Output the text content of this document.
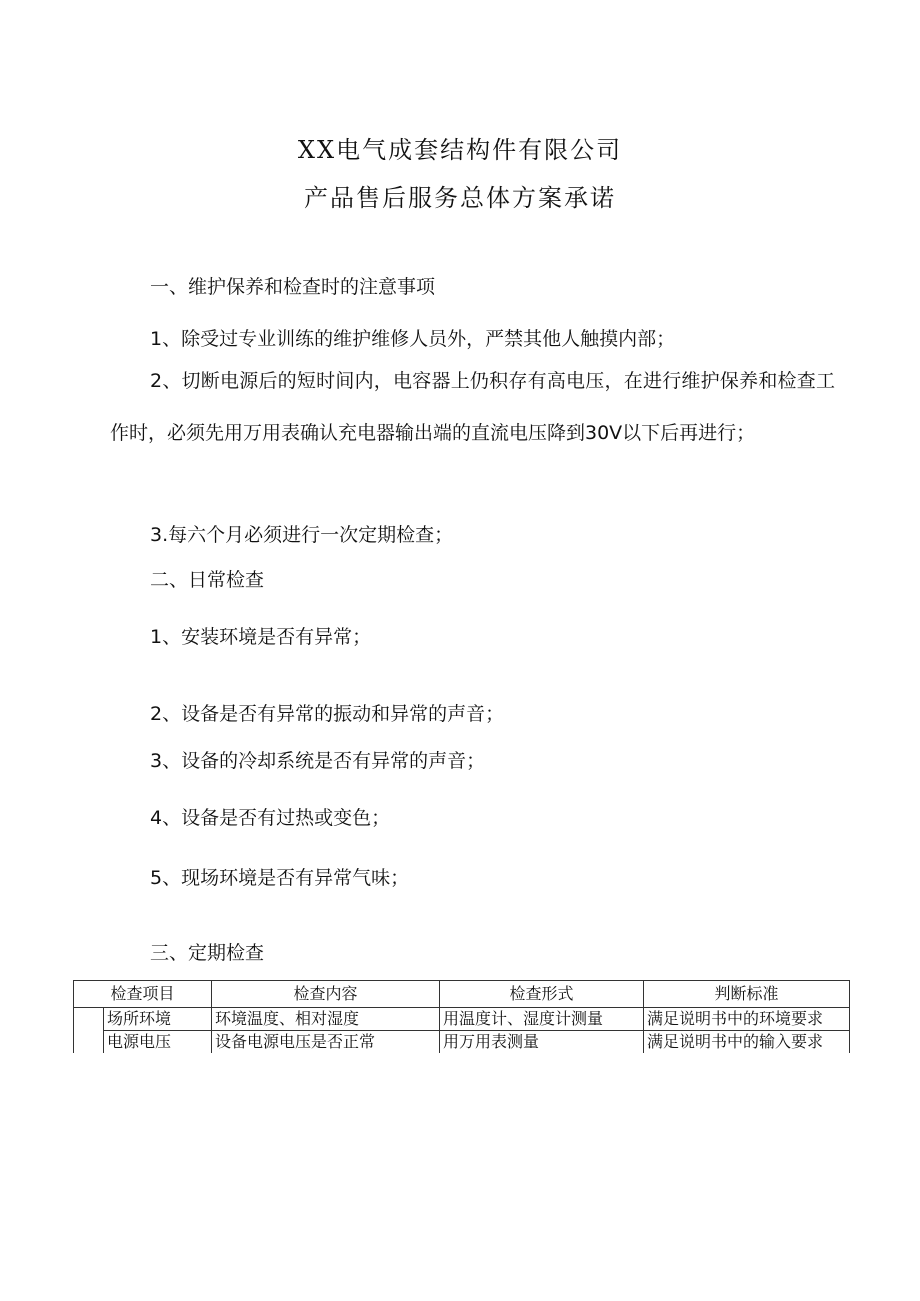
XX电气成套结构件有限公司
产品售后服务总体方案承诺
一、维护保养和检查时的注意事项
1、除受过专业训练的维护维修人员外，严禁其他人触摸内部；
2、切断电源后的短时间内，电容器上仍积存有高电压，在进行维护保养和检查工作时，必须先用万用表确认充电器输出端的直流电压降到30V以下后再进行；
3.每六个月必须进行一次定期检查；
二、日常检查
1、安装环境是否有异常；
2、设备是否有异常的振动和异常的声音；
3、设备的冷却系统是否有异常的声音；
4、设备是否有过热或变色；
5、现场环境是否有异常气味；
三、定期检查
检查项目		检查内容	检查形式	判断标准
	场所环境	环境温度、相对湿度	用温度计、湿度计测量	满足说明书中的环境要求
	电源电压	设备电源电压是否正常	用万用表测量	满足说明书中的输入要求
